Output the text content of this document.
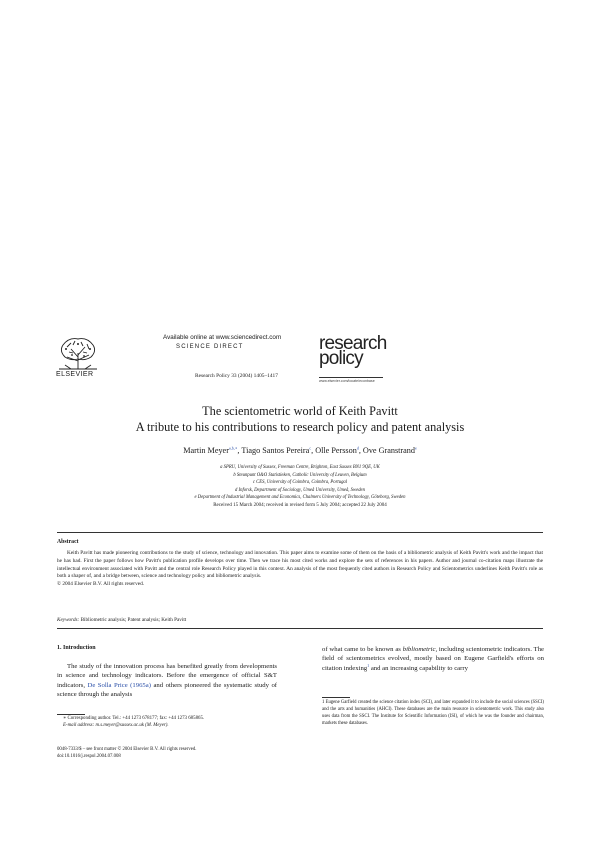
ELSEVIER
Available online at www.sciencedirect.com
SCIENCE DIRECT
Research Policy 33 (2004) 1405–1417
research
policy
www.elsevier.com/locate/econbase
The scientometric world of Keith Pavitt
A tribute to his contributions to research policy and patent analysis
Martin Meyer$^{a,b,∗}$, Tiago Santos Pereira$^c$, Olle Persson$^d$, Ove Granstrand$^e$
a SPRU, University of Sussex, Freeman Centre, Brighton, East Sussex BN1 9QE, UK
b Steunpunt O&O Statistieken, Catholic University of Leuven, Belgium
c CES, University of Coimbra, Coimbra, Portugal
d Inforsk, Department of Sociology, Umeå University, Umeå, Sweden
e Department of Industrial Management and Economics, Chalmers University of Technology, Göteborg, Sweden
Received 15 March 2004; received in revised form 5 July 2004; accepted 22 July 2004
Abstract
Keith Pavitt has made pioneering contributions to the study of science, technology and innovation. This paper aims to examine some of them on the basis of a bibliometric analysis of Keith Pavitt's work and the impact that he has had. First the paper follows how Pavitt's publication profile develops over time. Then we trace his most cited works and explore the sets of references in his papers. Author and journal co-citation maps illustrate the intellectual environment associated with Pavitt and the central role Research Policy played in this context. An analysis of the most frequently cited authors in Research Policy and Scientometrics underlines Keith Pavitt's role as both a shaper of, and a bridge between, science and technology policy and bibliometric analysis.
© 2004 Elsevier B.V. All rights reserved.
Keywords: Bibliometric analysis; Patent analysis; Keith Pavitt
1. Introduction
The study of the innovation process has benefited greatly from developments in science and technology indicators. Before the emergence of official S&T indicators, De Solla Price (1965a) and others pioneered the systematic study of science through the analysis
of what came to be known as bibliometric, including scientometric indicators. The field of scientometrics evolved, mostly based on Eugene Garfield's efforts on citation indexing$^1$ and an increasing capability to carry
∗ Corresponding author. Tel.: +44 1273 678177; fax: +44 1273 685865.
E-mail address: m.s.meyer@sussex.ac.uk (M. Meyer).
1 Eugene Garfield created the science citation index (SCI), and later expanded it to include the social sciences (SSCI) and the arts and humanities (AHCI). These databases are the main resource in scientometric work. This study also uses data from the SSCI. The Institute for Scientific Information (ISI), of which he was the founder and chairman, markets these databases.
0048-7333/$ – see front matter © 2004 Elsevier B.V. All rights reserved.
doi:10.1016/j.respol.2004.07.008
